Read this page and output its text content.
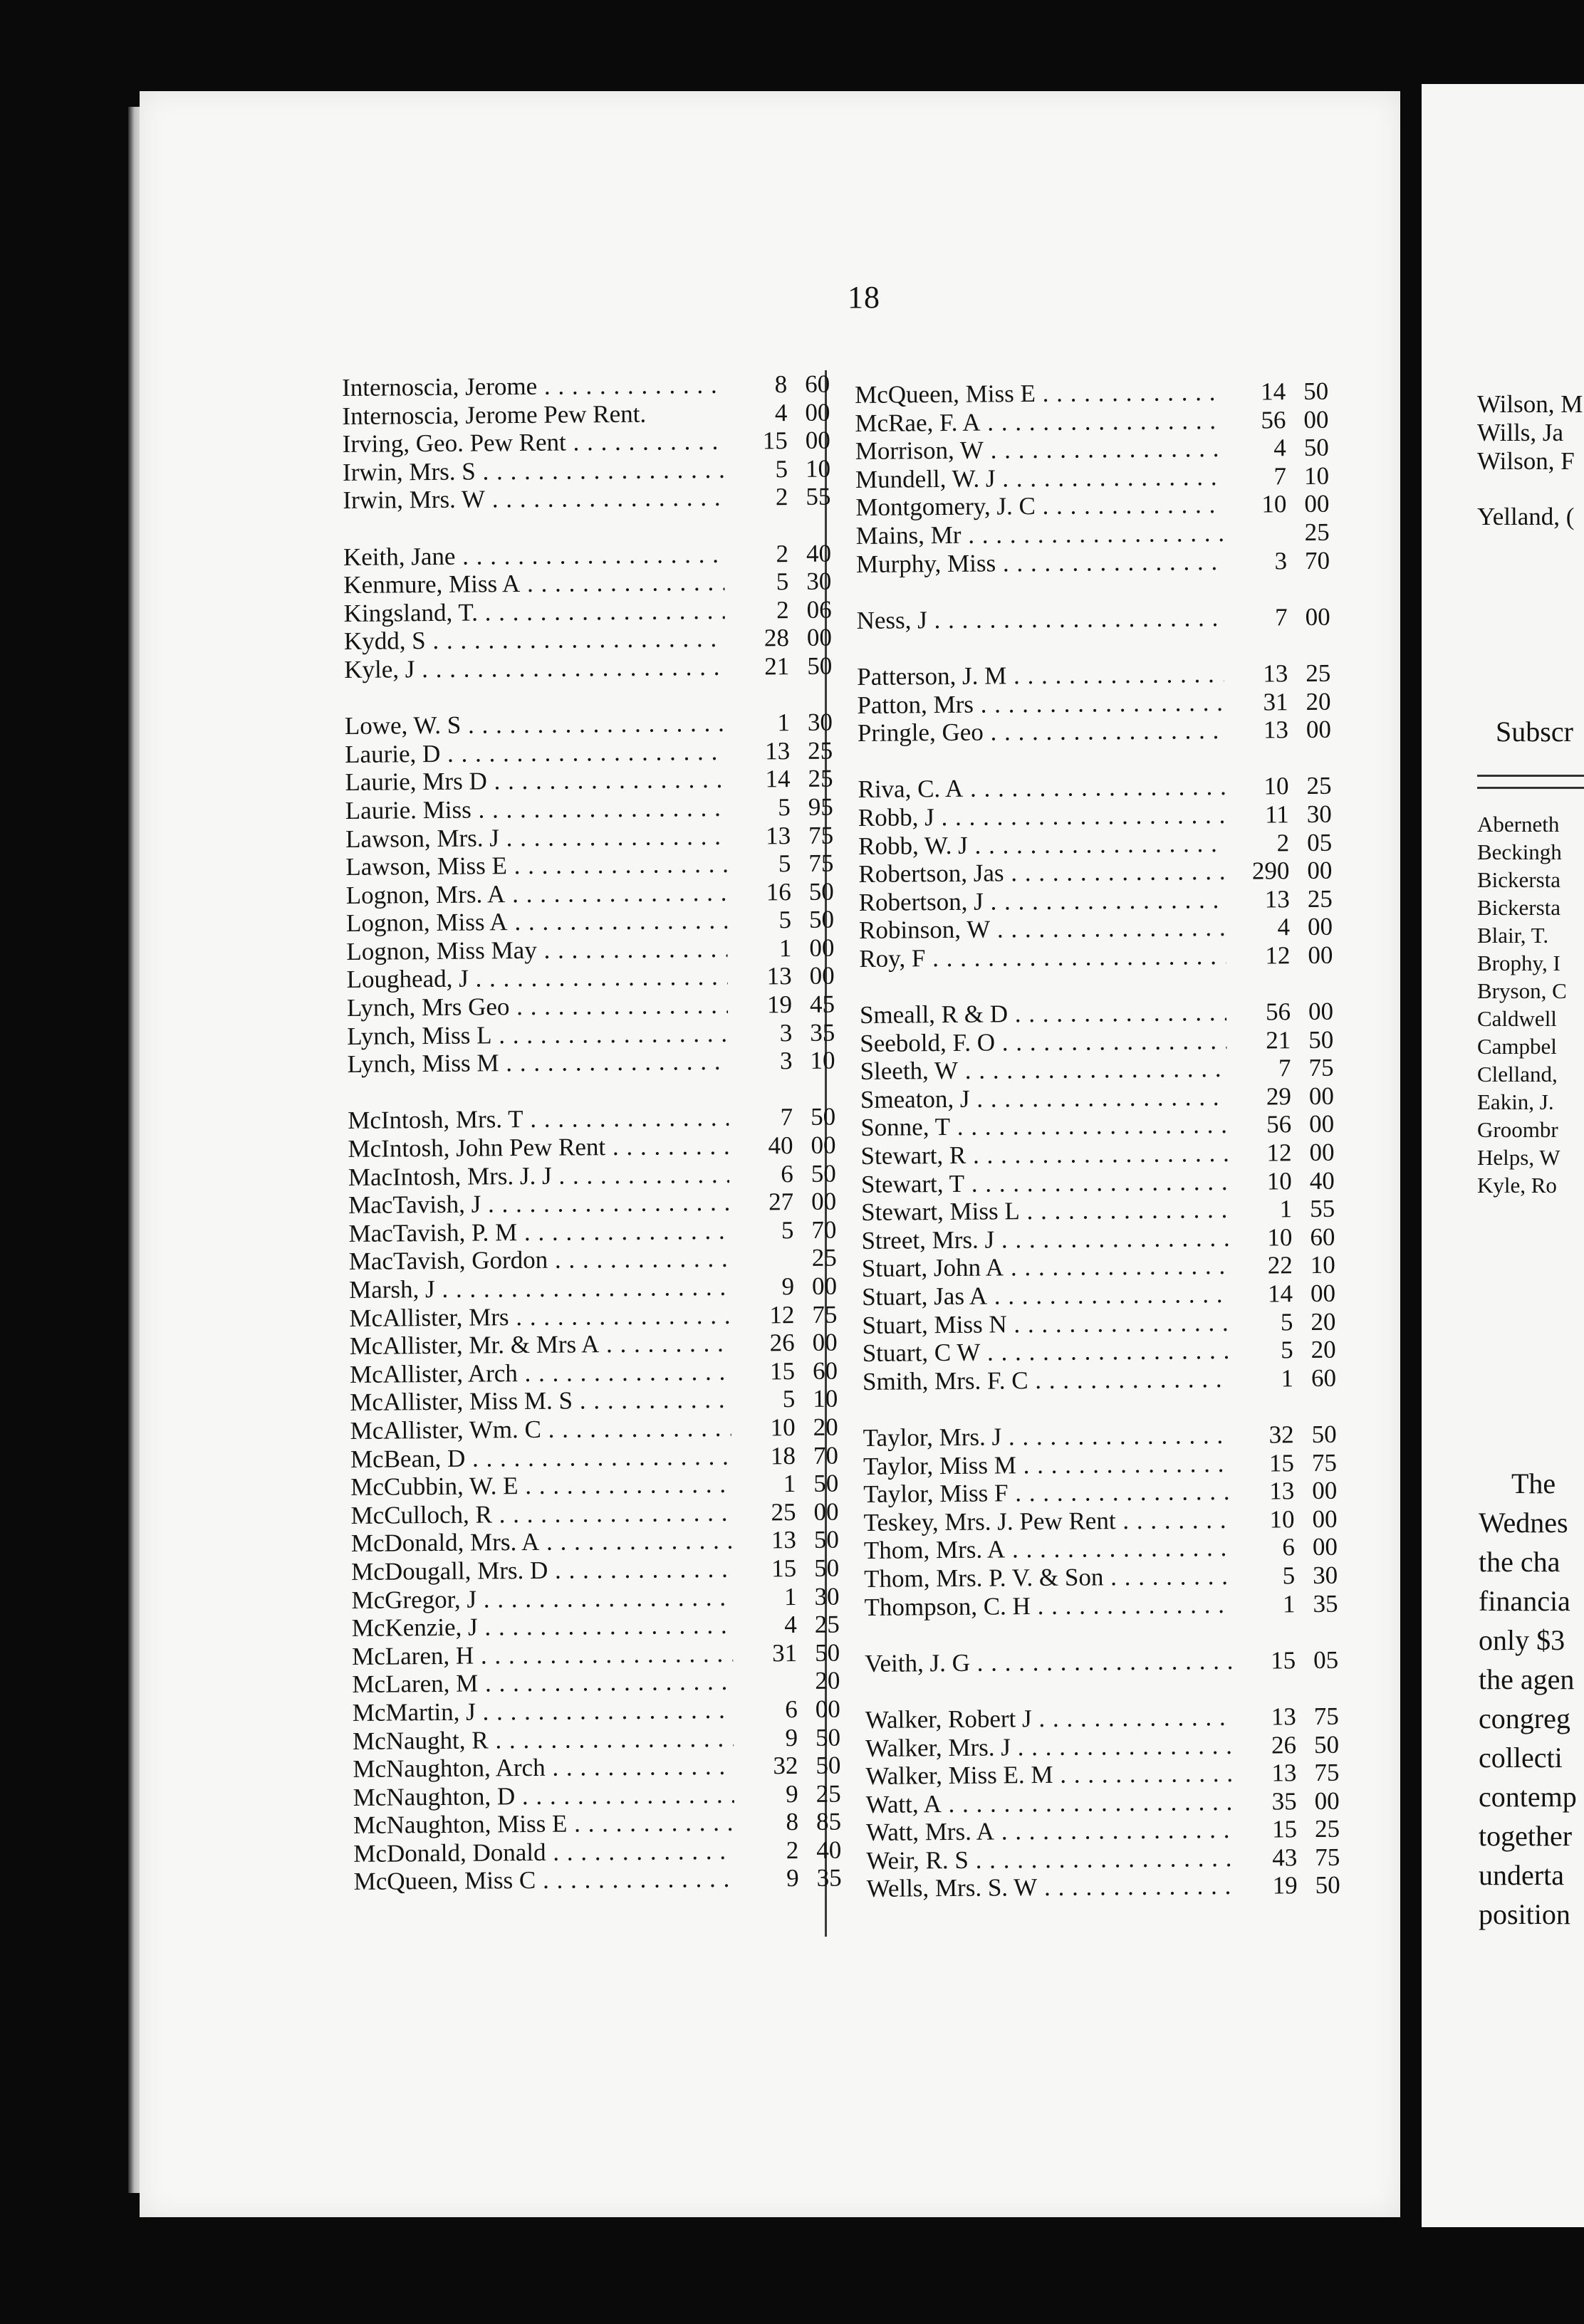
18
Internoscia, Jerome . . .	8 60
Internoscia, Jerome Pew Rent.	4 00
Irving, Geo. Pew Rent . . .	15 00
Irwin, Mrs. S . . .	5 10
Irwin, Mrs. W . . .	2 55
Keith, Jane . . .	2 40
Kenmure, Miss A . . .	5 30
Kingsland, T. . . .	2 06
Kydd, S . . .	28 00
Kyle, J . . .	21 50
Lowe, W. S . . .	1 30
Laurie, D . . .	13 25
Laurie, Mrs D . . .	14 25
Laurie. Miss . . .	5 95
Lawson, Mrs. J . . .	13 75
Lawson, Miss E . . .	5 75
Lognon, Mrs. A . . .	16 50
Lognon, Miss A . . .	5 50
Lognon, Miss May . . .	1 00
Loughead, J . . .	13 00
Lynch, Mrs Geo . . .	19 45
Lynch, Miss L . . .	3 35
Lynch, Miss M . . .	3 10
McIntosh, Mrs. T . . .	7 50
McIntosh, John Pew Rent . . .	40 00
MacIntosh, Mrs. J. J . . .	6 50
MacTavish, J . . .	27 00
MacTavish, P. M . . .	5 70
MacTavish, Gordon . . .	25
Marsh, J . . .	9 00
McAllister, Mrs . . .	12 75
McAllister, Mr. & Mrs A . . .	26 00
McAllister, Arch . . .	15 60
McAllister, Miss M. S . . .	5 10
McAllister, Wm. C . . .	10 20
McBean, D . . .	18 70
McCubbin, W. E . . .	1 50
McCulloch, R . . .	25 00
McDonald, Mrs. A . . .	13 50
McDougall, Mrs. D . . .	15 50
McGregor, J . . .	1 30
McKenzie, J . . .	4 25
McLaren, H . . .	31 50
McLaren, M . . .	20
McMartin, J . . .	6 00
McNaught, R . . .	9 50
McNaughton, Arch . . .	32 50
McNaughton, D . . .	9 25
McNaughton, Miss E . . .	8 85
McDonald, Donald . . .	2 40
McQueen, Miss C . . .	9 35
McQueen, Miss E . . .	14 50
McRae, F. A . . .	56 00
Morrison, W . . .	4 50
Mundell, W. J . . .	7 10
Montgomery, J. C . . .	10 00
Mains, Mr . . .	25
Murphy, Miss . . .	3 70
Ness, J . . .	7 00
Patterson, J. M . . .	13 25
Patton, Mrs . . .	31 20
Pringle, Geo . . .	13 00
Riva, C. A . . .	10 25
Robb, J . . .	11 30
Robb, W. J . . .	2 05
Robertson, Jas . . .	290 00
Robertson, J . . .	13 25
Robinson, W . . .	4 00
Roy, F . . .	12 00
Smeall, R & D . . .	56 00
Seebold, F. O . . .	21 50
Sleeth, W . . .	7 75
Smeaton, J . . .	29 00
Sonne, T . . .	56 00
Stewart, R . . .	12 00
Stewart, T . . .	10 40
Stewart, Miss L . . .	1 55
Street, Mrs. J . . .	10 60
Stuart, John A . . .	22 10
Stuart, Jas A . . .	14 00
Stuart, Miss N . . .	5 20
Stuart, C W . . .	5 20
Smith, Mrs. F. C . . .	1 60
Taylor, Mrs. J . . .	32 50
Taylor, Miss M . . .	15 75
Taylor, Miss F . . .	13 00
Teskey, Mrs. J. Pew Rent . . .	10 00
Thom, Mrs. A . . .	6 00
Thom, Mrs. P. V. & Son . . .	5 30
Thompson, C. H . . .	1 35
Veith, J. G . . .	15 05
Walker, Robert J . . .	13 75
Walker, Mrs. J . . .	26 50
Walker, Miss E. M . . .	13 75
Watt, A . . .	35 00
Watt, Mrs. A . . .	15 25
Weir, R. S . . .	43 75
Wells, Mrs. S. W . . .	19 50
Wilson, M
Wills, Ja
Wilson, F
Yelland, (
Subscr
Aberneth
Beckingh
Bickersta
Bickersta
Blair, T.
Brophy, I
Bryson, C
Caldwell
Campbel
Clelland,
Eakin, J.
Groombr
Helps, W
Kyle, Ro
The
Wednes
the cha
financia
only $3
the agen
congreg
collecti
contemp
together
underta
position
